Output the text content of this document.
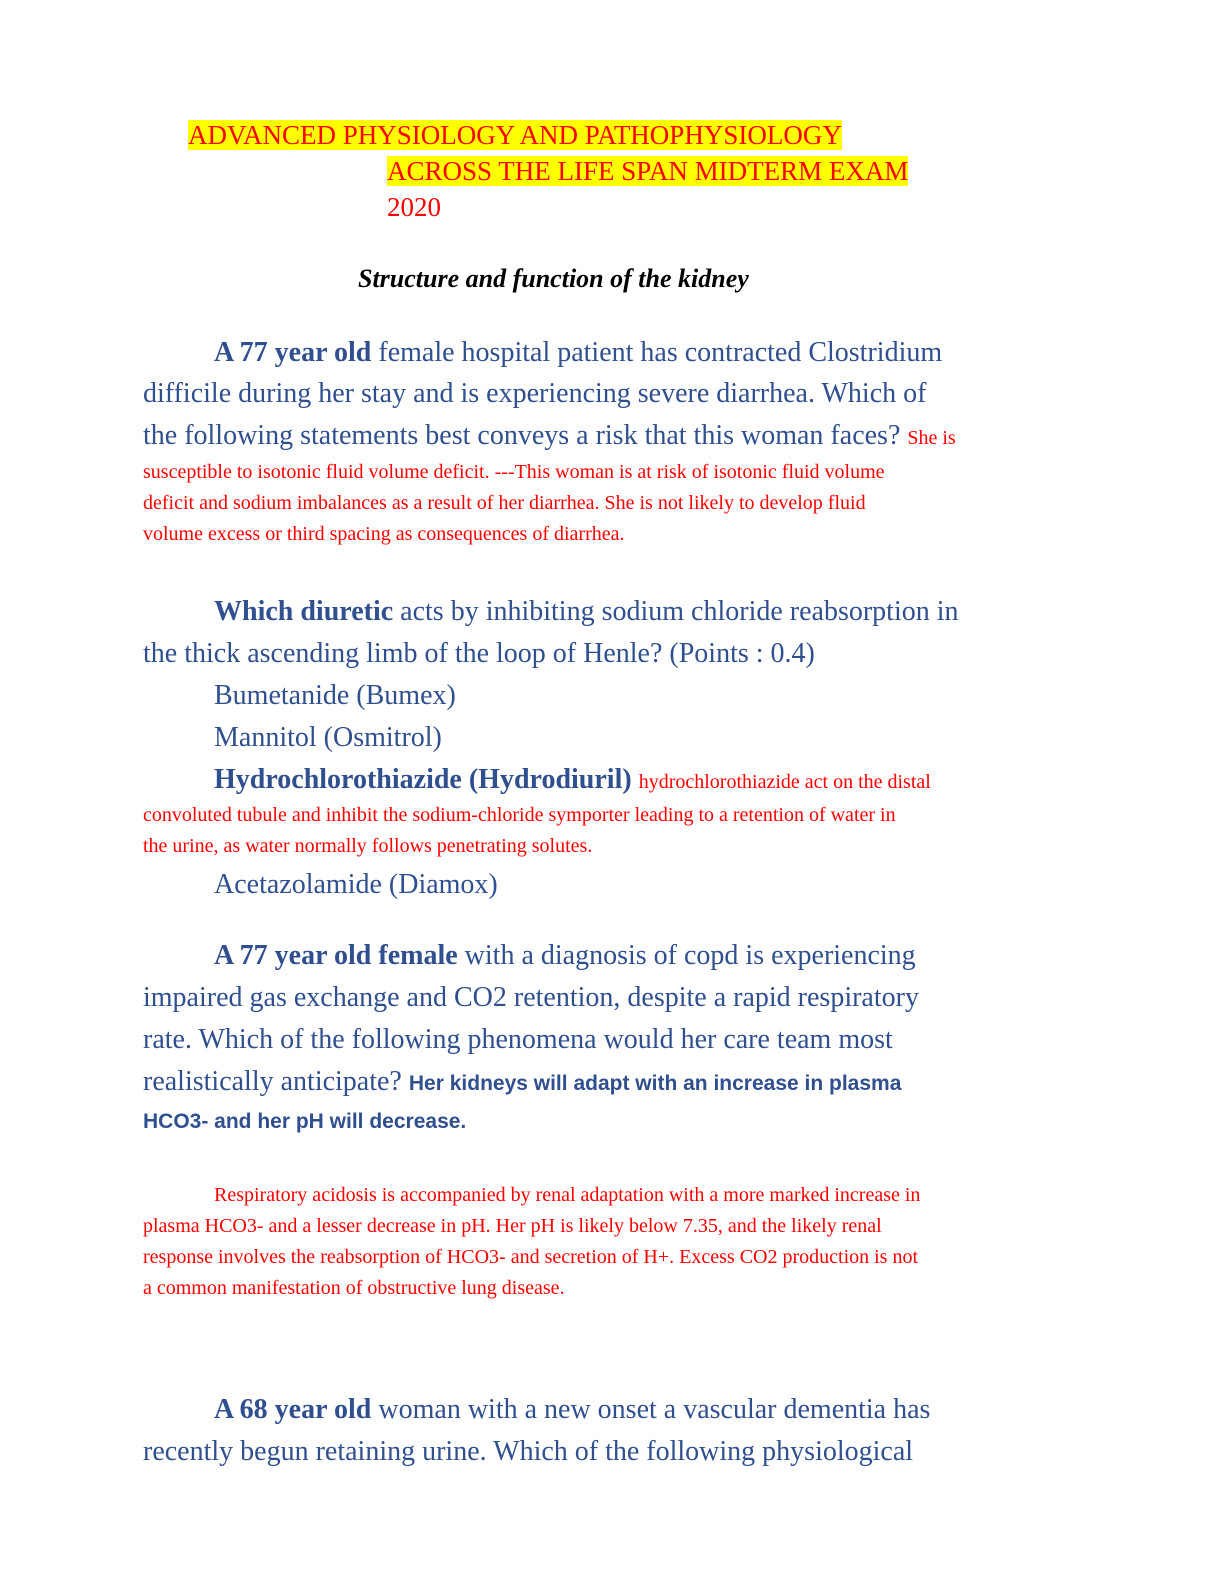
ADVANCED PHYSIOLOGY AND PATHOPHYSIOLOGY
ACROSS THE LIFE SPAN MIDTERM EXAM
2020
Structure and function of the kidney
A 77 year old female hospital patient has contracted Clostridium
difficile during her stay and is experiencing severe diarrhea. Which of
the following statements best conveys a risk that this woman faces? She is
susceptible to isotonic fluid volume deficit. ---This woman is at risk of isotonic fluid volume
deficit and sodium imbalances as a result of her diarrhea. She is not likely to develop fluid
volume excess or third spacing as consequences of diarrhea.
Which diuretic acts by inhibiting sodium chloride reabsorption in
the thick ascending limb of the loop of Henle? (Points : 0.4)
Bumetanide (Bumex)
Mannitol (Osmitrol)
Hydrochlorothiazide (Hydrodiuril) hydrochlorothiazide act on the distal
convoluted tubule and inhibit the sodium-chloride symporter leading to a retention of water in
the urine, as water normally follows penetrating solutes.
Acetazolamide (Diamox)
A 77 year old female with a diagnosis of copd is experiencing
impaired gas exchange and CO2 retention, despite a rapid respiratory
rate. Which of the following phenomena would her care team most
realistically anticipate? Her kidneys will adapt with an increase in plasma
HCO3- and her pH will decrease.
Respiratory acidosis is accompanied by renal adaptation with a more marked increase in
plasma HCO3- and a lesser decrease in pH. Her pH is likely below 7.35, and the likely renal
response involves the reabsorption of HCO3- and secretion of H+. Excess CO2 production is not
a common manifestation of obstructive lung disease.
A 68 year old woman with a new onset a vascular dementia has
recently begun retaining urine. Which of the following physiological
